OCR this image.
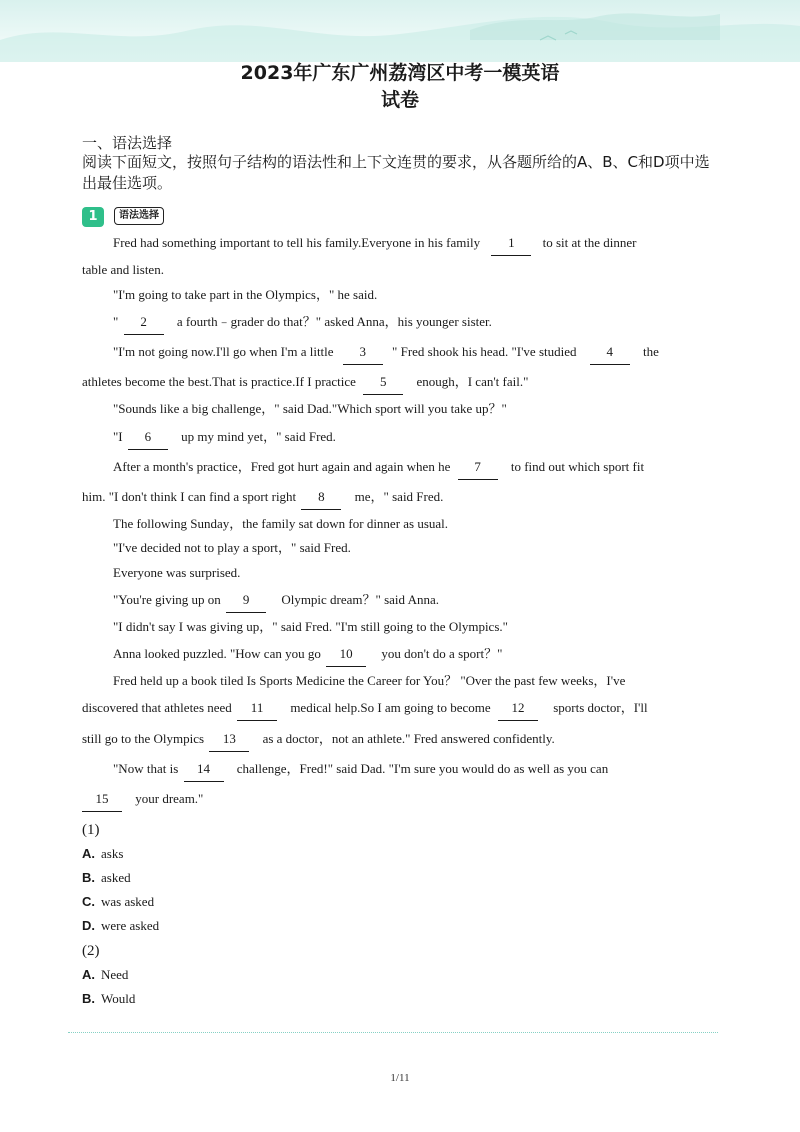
2023年广东广州荔湾区中考一模英语
试卷
一、语法选择
阅读下面短文，按照句子结构的语法性和上下文连贯的要求，从各题所给的A、B、C和D项中选出最佳选项。
1	语法选择
Fred had something important to tell his family.Everyone in his family 1 to sit at the dinner
table and listen.
"I'm going to take part in the Olympics，" he said.
" 2 a fourth﹣grader do that？" asked Anna，his younger sister.
"I'm not going now.I'll go when I'm a little 3 " Fred shook his head. "I've studied 4 the
athletes become the best.That is practice.If I practice 5 enough，I can't fail."
"Sounds like a big challenge，" said Dad."Which sport will you take up？"
"I 6 up my mind yet，" said Fred.
After a month's practice，Fred got hurt again and again when he 7 to find out which sport fit
him. "I don't think I can find a sport right 8 me，" said Fred.
The following Sunday，the family sat down for dinner as usual.
"I've decided not to play a sport，" said Fred.
Everyone was surprised.
"You're giving up on 9 Olympic dream？" said Anna.
"I didn't say I was giving up，" said Fred. "I'm still going to the Olympics."
Anna looked puzzled. "How can you go 10 you don't do a sport？"
Fred held up a book tiled Is Sports Medicine the Career for You？ "Over the past few weeks，I've
discovered that athletes need 11 medical help.So I am going to become 12 sports doctor，I'll
still go to the Olympics 13 as a doctor，not an athlete." Fred answered confidently.
"Now that is 14 challenge，Fred!" said Dad. "I'm sure you would do as well as you can
15 your dream."
(1)
A. asks
B. asked
C. was asked
D. were asked
(2)
A. Need
B. Would
1/11
